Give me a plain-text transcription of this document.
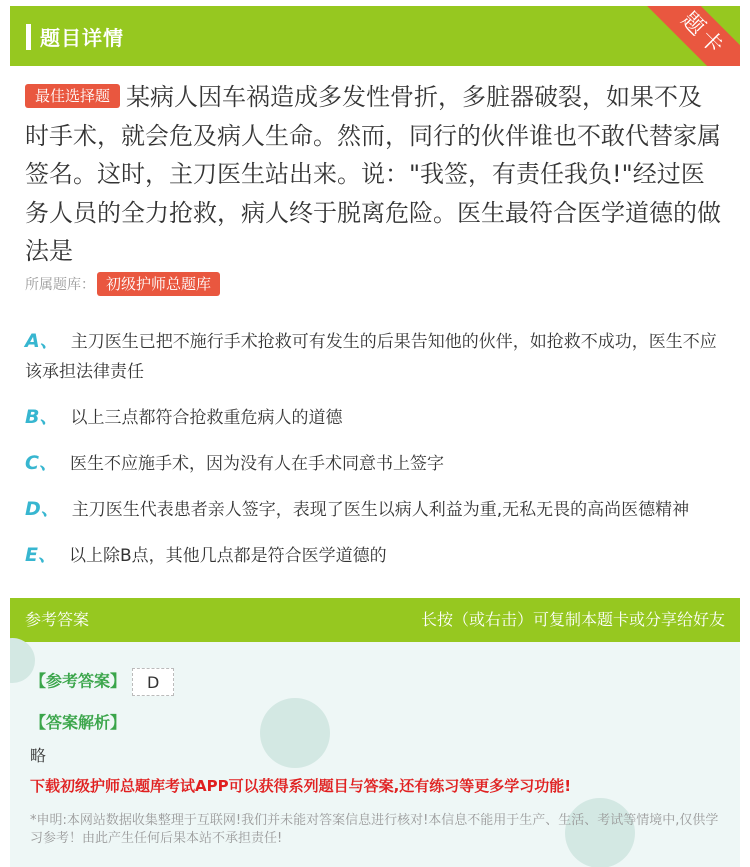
题目详情	题卡
最佳选择题 某病人因车祸造成多发性骨折，多脏器破裂，如果不及时手术，就会危及病人生命。然而，同行的伙伴谁也不敢代替家属签名。这时，主刀医生站出来。说："我签，有责任我负!"经过医务人员的全力抢救，病人终于脱离危险。医生最符合医学道德的做法是
所属题库： 初级护师总题库
A、 主刀医生已把不施行手术抢救可有发生的后果告知他的伙伴，如抢救不成功，医生不应该承担法律责任
B、 以上三点都符合抢救重危病人的道德
C、 医生不应施手术，因为没有人在手术同意书上签字
D、 主刀医生代表患者亲人签字，表现了医生以病人利益为重,无私无畏的高尚医德精神
E、 以上除B点，其他几点都是符合医学道德的
参考答案	长按（或右击）可复制本题卡或分享给好友
【参考答案】 D
【答案解析】
略
下载初级护师总题库考试APP可以获得系列题目与答案,还有练习等更多学习功能!
*申明:本网站数据收集整理于互联网!我们并未能对答案信息进行核对!本信息不能用于生产、生活、考试等情境中,仅供学习参考！由此产生任何后果本站不承担责任!
